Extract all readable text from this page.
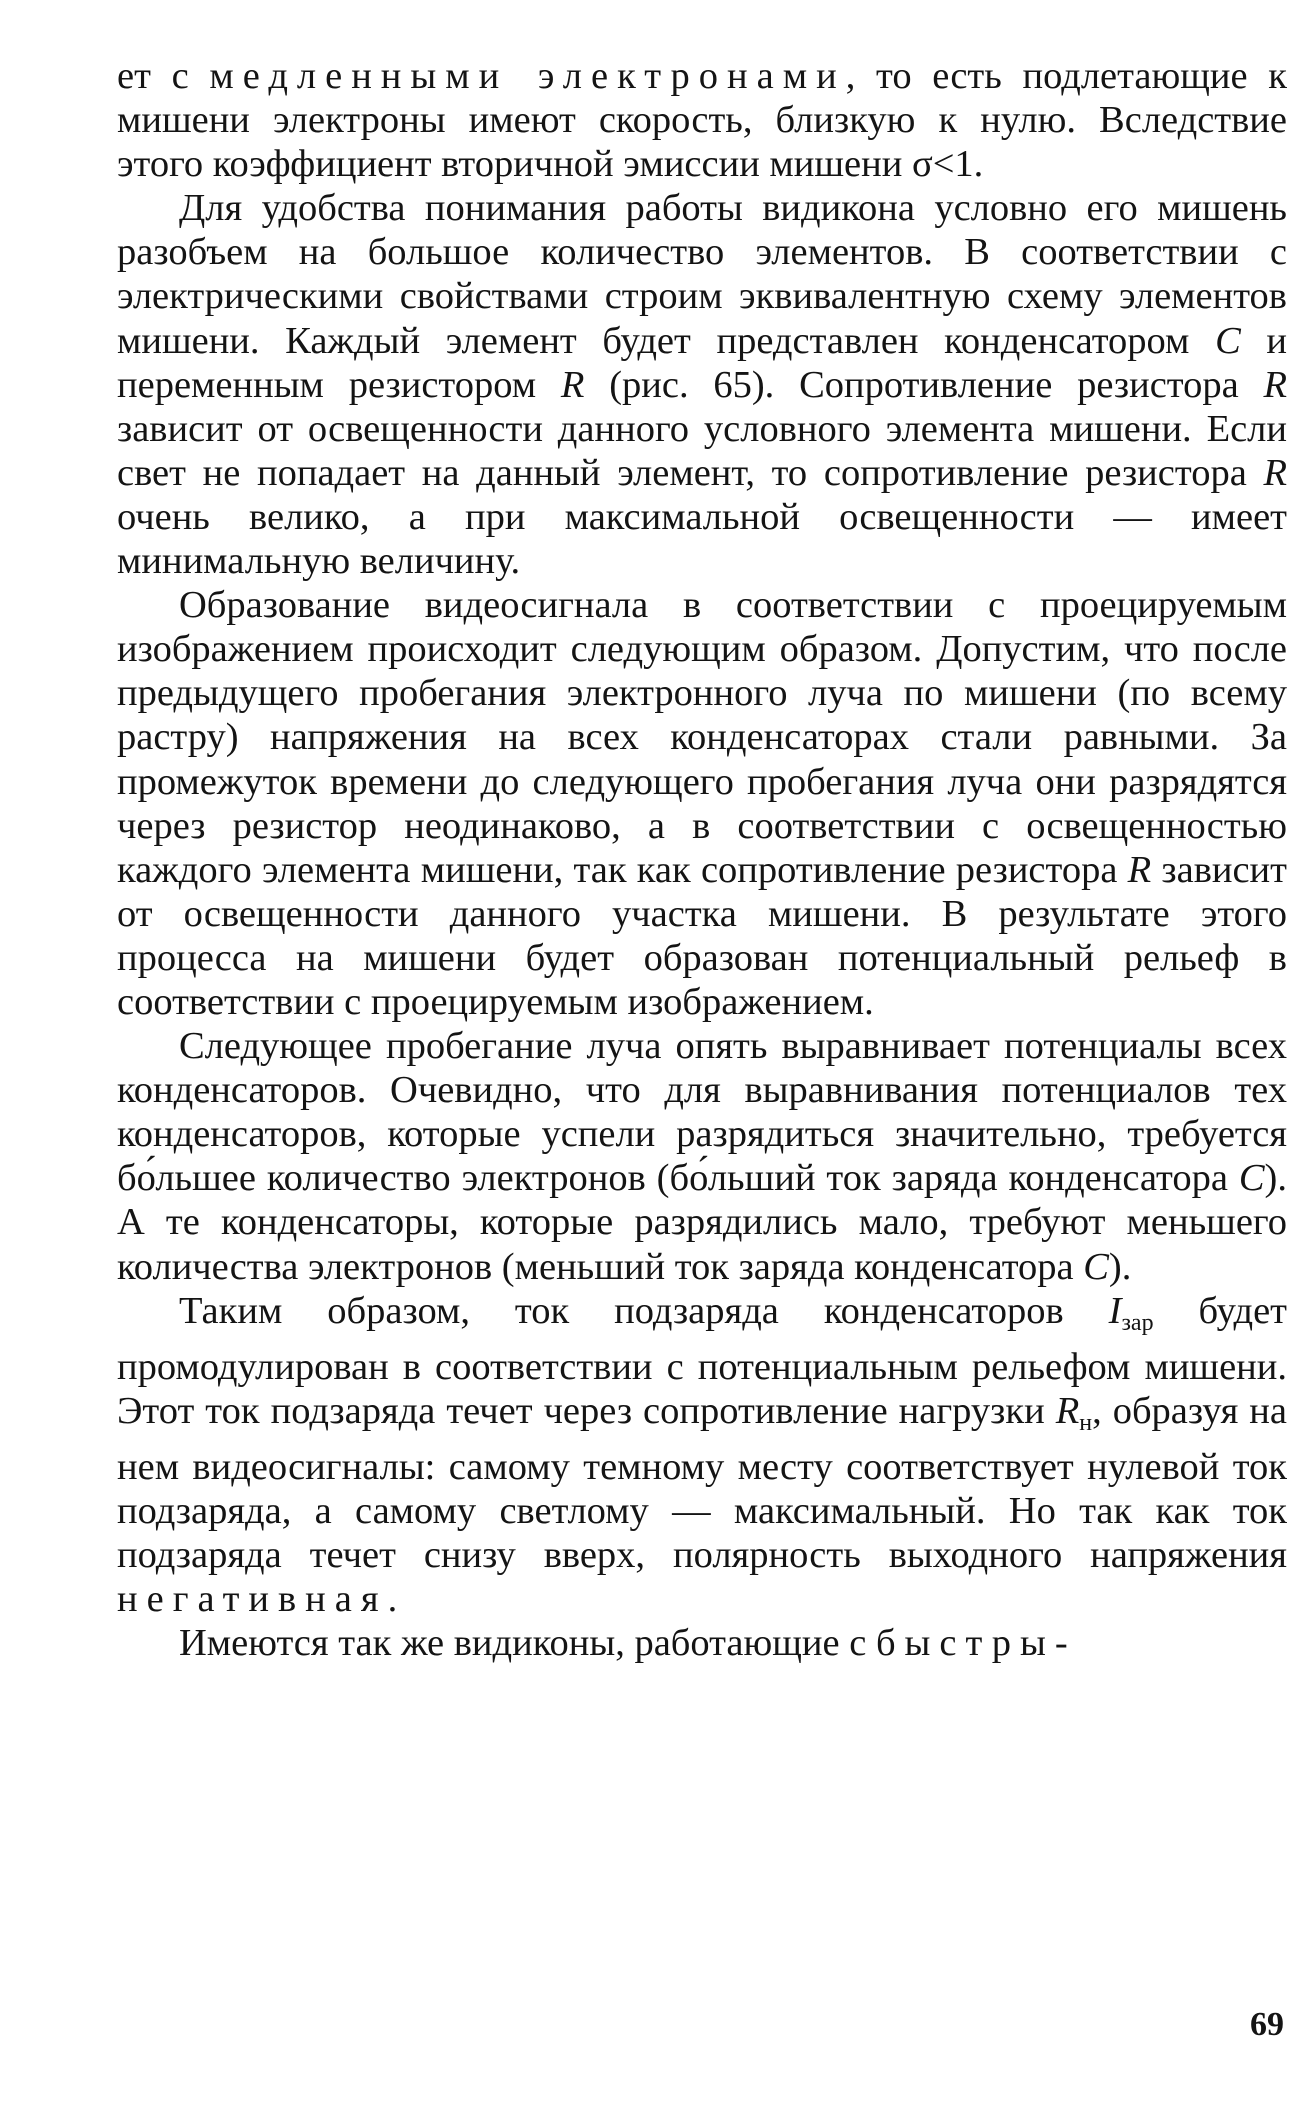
ет с медленными электронами, то есть подлетающие к мишени электроны имеют скорость, близкую к нулю. Вследствие этого коэффициент вторичной эмиссии мишени σ<1.

Для удобства понимания работы видикона условно его мишень разобъем на большое количество элементов. В соответствии с электрическими свойствами строим эквивалентную схему элементов мишени. Каждый элемент будет представлен конденсатором C и переменным резистором R (рис. 65). Сопротивление резистора R зависит от освещенности данного условного элемента мишени. Если свет не попадает на данный элемент, то сопротивление резистора R очень велико, а при максимальной освещенности — имеет минимальную величину.

Образование видеосигнала в соответствии с проецируемым изображением происходит следующим образом. Допустим, что после предыдущего пробегания электронного луча по мишени (по всему растру) напряжения на всех конденсаторах стали равными. За промежуток времени до следующего пробегания луча они разрядятся через резистор неодинаково, а в соответствии с освещенностью каждого элемента мишени, так как сопротивление резистора R зависит от освещенности данного участка мишени. В результате этого процесса на мишени будет образован потенциальный рельеф в соответствии с проецируемым изображением.

Следующее пробегание луча опять выравнивает потенциалы всех конденсаторов. Очевидно, что для выравнивания потенциалов тех конденсаторов, которые успели разрядиться значительно, требуется бо́льшее количество электронов (бо́льший ток заряда конденсатора C). А те конденсаторы, которые разрядились мало, требуют меньшего количества электронов (меньший ток заряда конденсатора C).

Таким образом, ток подзаряда конденсаторов $I_{зар}$ будет промодулирован в соответствии с потенциальным рельефом мишени. Этот ток подзаряда течет через сопротивление нагрузки $R_н$, образуя на нем видеосигналы: самому темному месту соответствует нулевой ток подзаряда, а самому светлому — максимальный. Но так как ток подзаряда течет снизу вверх, полярность выходного напряжения негативная.

Имеются так же видиконы, работающие с быстры-

69
